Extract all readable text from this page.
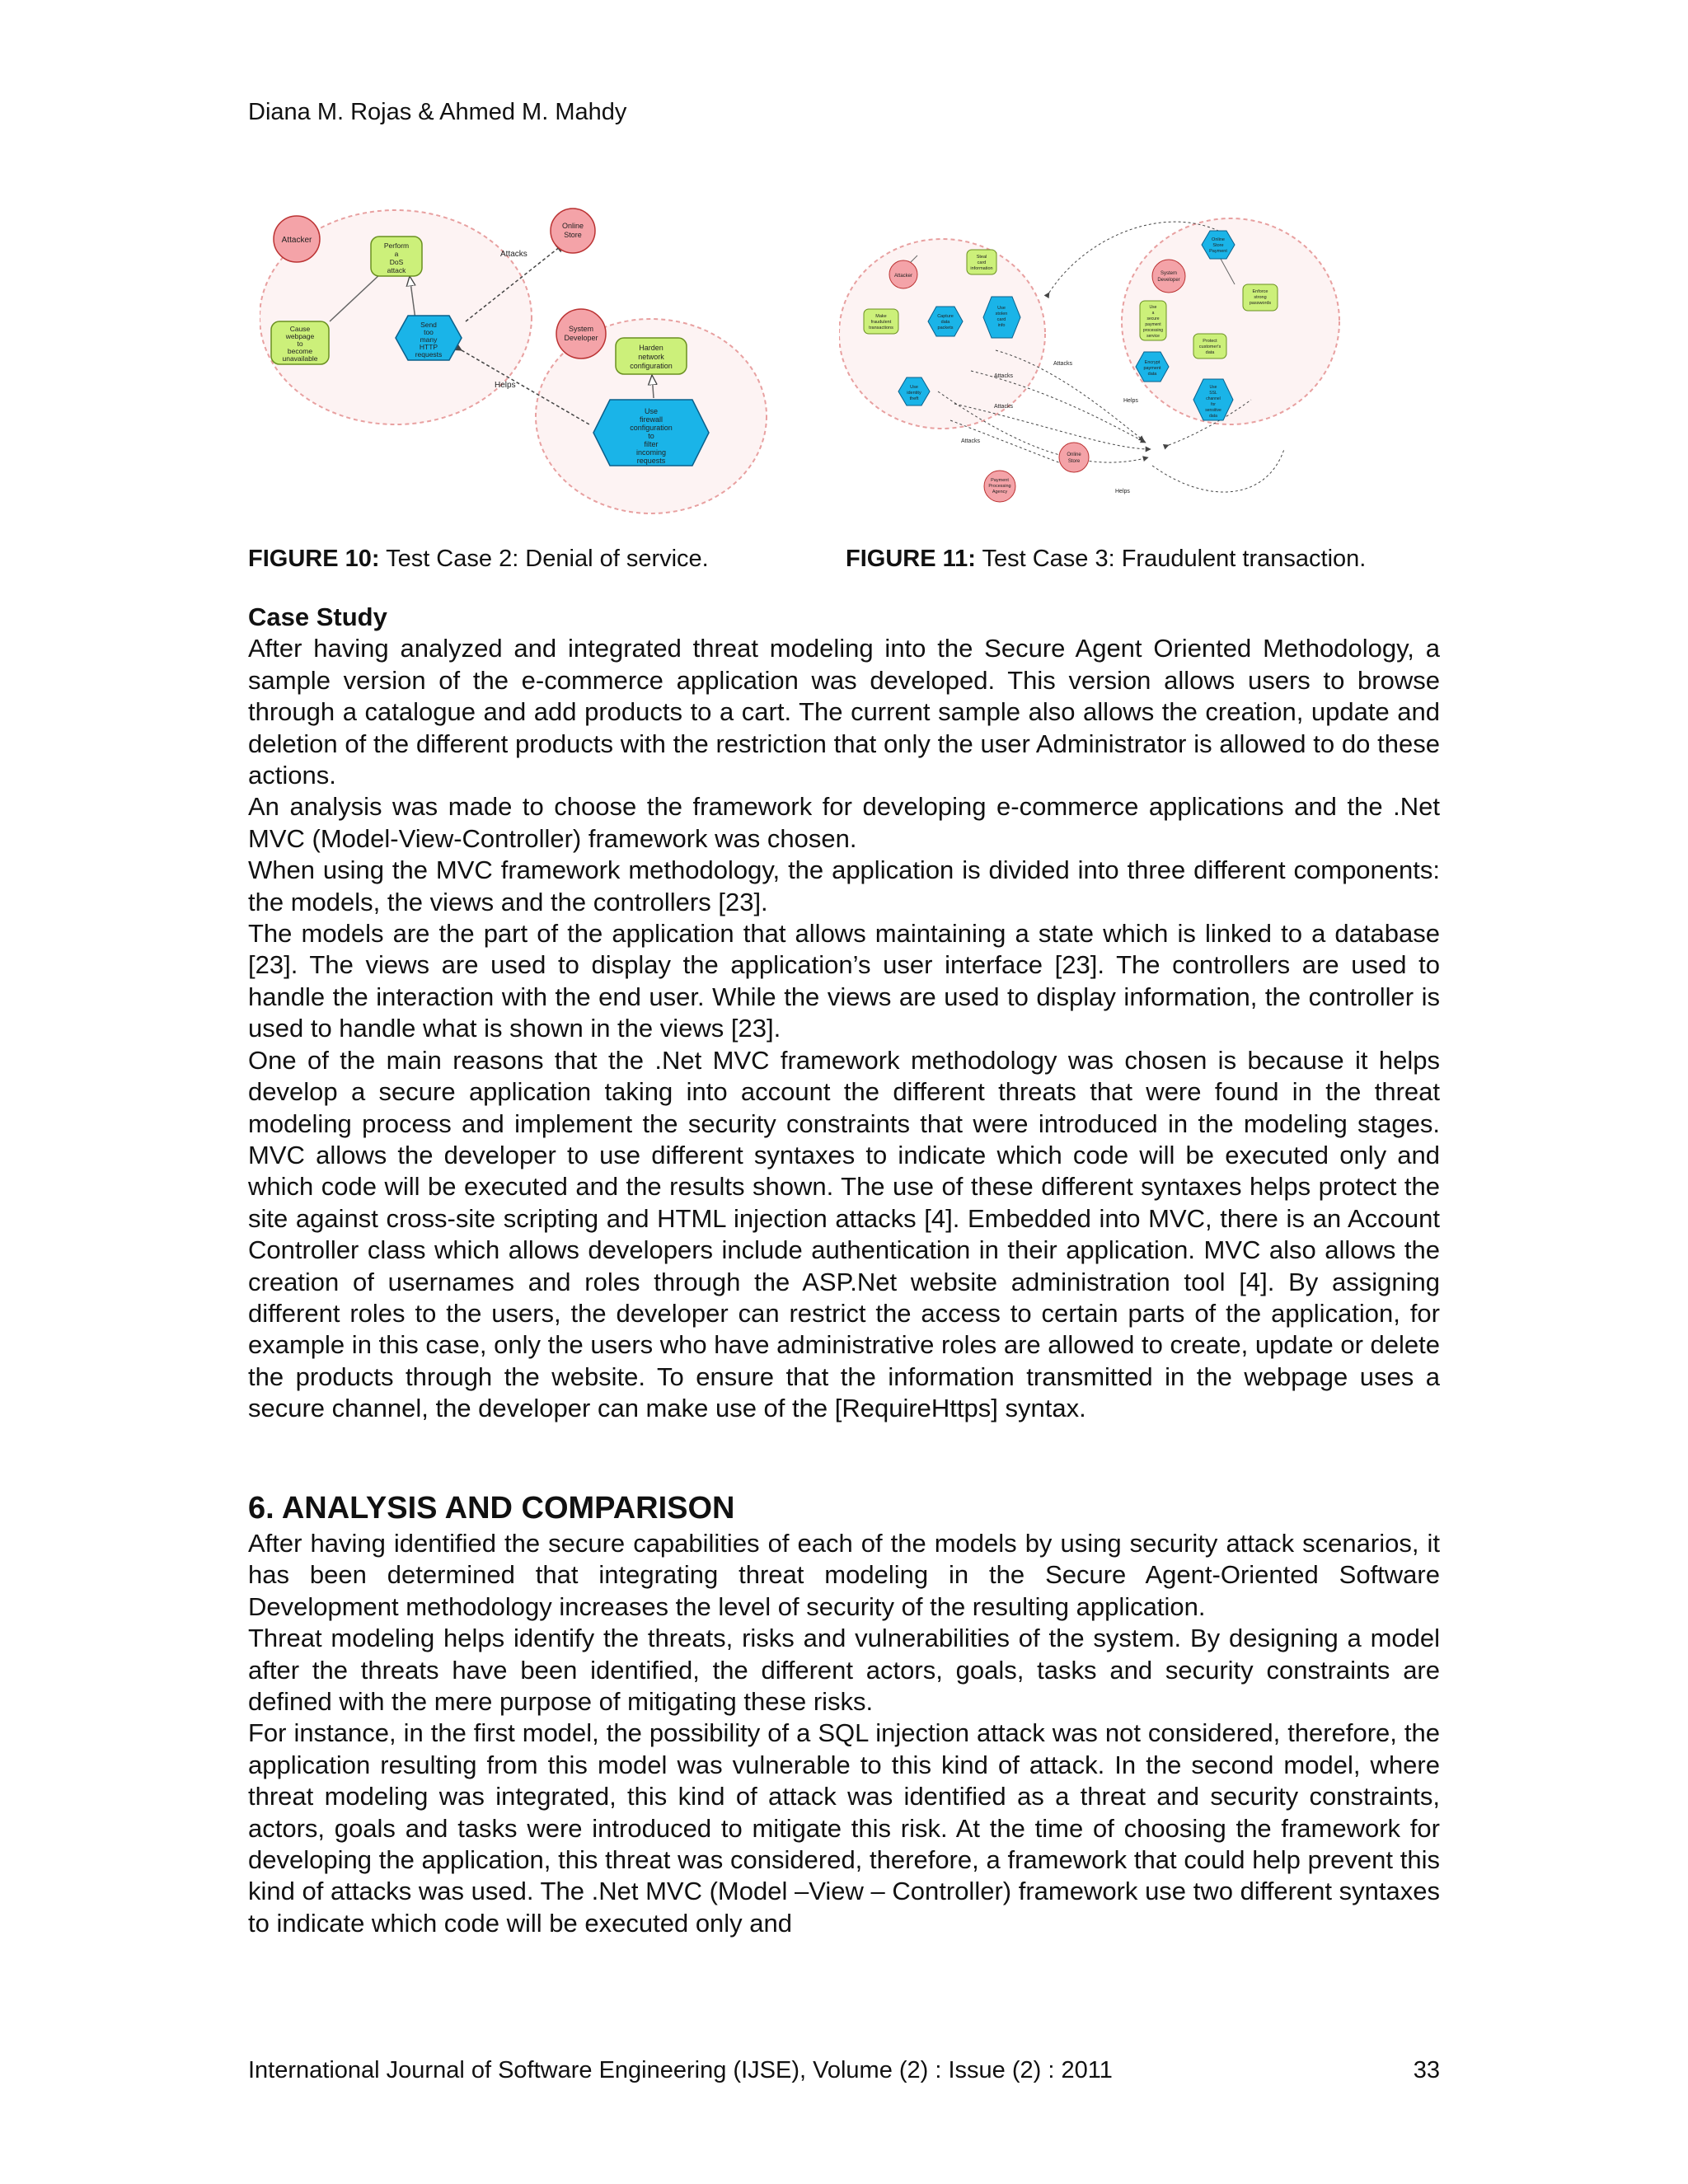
Diana M. Rojas & Ahmed M. Mahdy
Attacker
Online
Store
System
Developer
Perform
a
DoS
attack
Cause
webpage
to
become
unavailable
Harden
network
configuration
Send
too
many
HTTP
requests
Use
firewall
configuration
to
filter
incoming
requests
Attacks
Helps
Attacker	System
Developer
Online
Store
Payment
Processing
Agency
Steal
card
information
Make
fraudulent
transactions
Use
a
secure
payment
processing
service
Enforce
strong
passwords
Protect
customer's
data
Capture
data
packets
Use
stolen
card
info
Use
identity
theft
Online
Store
Payment
Encrypt
payment
data
Use
SSL
channel
for
sensitive
data
Attacks
Attacks
Attacks
Attacks
Helps
Helps
FIGURE 10: Test Case 2: Denial of service.	FIGURE 11: Test Case 3: Fraudulent transaction.
Case Study

After having analyzed and integrated threat modeling into the Secure Agent Oriented Methodology, a sample version of the e-commerce application was developed. This version allows users to browse through a catalogue and add products to a cart. The current sample also allows the creation, update and deletion of the different products with the restriction that only the user Administrator is allowed to do these actions.

An analysis was made to choose the framework for developing e-commerce applications and the .Net MVC (Model-View-Controller) framework was chosen.

When using the MVC framework methodology, the application is divided into three different components: the models, the views and the controllers [23].

The models are the part of the application that allows maintaining a state which is linked to a database [23]. The views are used to display the application’s user interface [23]. The controllers are used to handle the interaction with the end user. While the views are used to display information, the controller is used to handle what is shown in the views [23].

One of the main reasons that the .Net MVC framework methodology was chosen is because it helps develop a secure application taking into account the different threats that were found in the threat modeling process and implement the security constraints that were introduced in the modeling stages. MVC allows the developer to use different syntaxes to indicate which code will be executed only and which code will be executed and the results shown. The use of these different syntaxes helps protect the site against cross-site scripting and HTML injection attacks [4]. Embedded into MVC, there is an Account Controller class which allows developers include authentication in their application. MVC also allows the creation of usernames and roles through the ASP.Net website administration tool [4]. By assigning different roles to the users, the developer can restrict the access to certain parts of the application, for example in this case, only the users who have administrative roles are allowed to create, update or delete the products through the website. To ensure that the information transmitted in the webpage uses a secure channel, the developer can make use of the [RequireHttps] syntax.

6. ANALYSIS AND COMPARISON

After having identified the secure capabilities of each of the models by using security attack scenarios, it has been determined that integrating threat modeling in the Secure Agent-Oriented Software Development methodology increases the level of security of the resulting application.

Threat modeling helps identify the threats, risks and vulnerabilities of the system. By designing a model after the threats have been identified, the different actors, goals, tasks and security constraints are defined with the mere purpose of mitigating these risks.

For instance, in the first model, the possibility of a SQL injection attack was not considered, therefore, the application resulting from this model was vulnerable to this kind of attack. In the second model, where threat modeling was integrated, this kind of attack was identified as a threat and security constraints, actors, goals and tasks were introduced to mitigate this risk. At the time of choosing the framework for developing the application, this threat was considered, therefore, a framework that could help prevent this kind of attacks was used. The .Net MVC (Model –View – Controller) framework use two different syntaxes to indicate which code will be executed only and

International Journal of Software Engineering (IJSE), Volume (2) : Issue (2) : 2011	33
